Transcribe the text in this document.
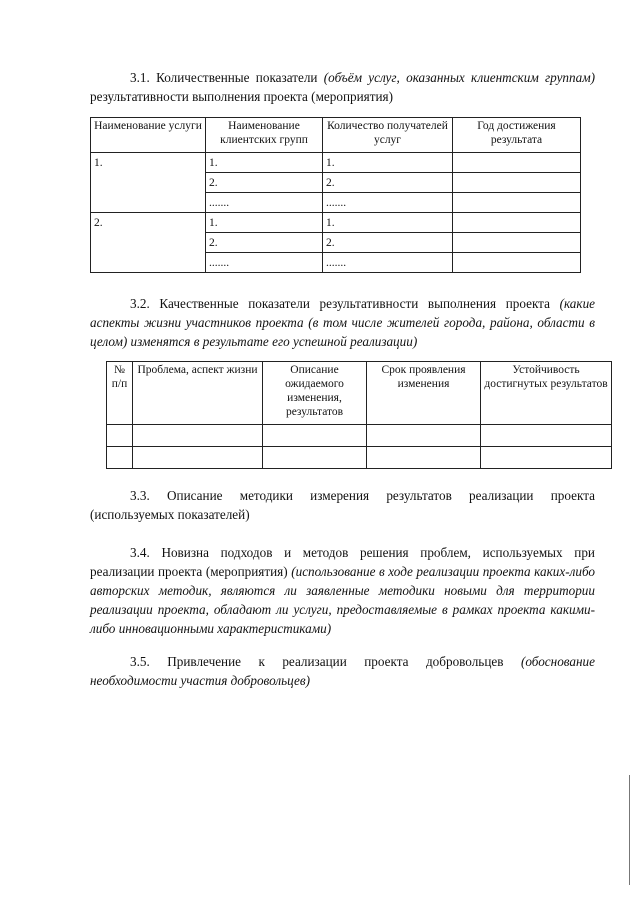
3.1. Количественные показатели (объём услуг, оказанных клиентским группам) результативности выполнения проекта (мероприятия)

Наименование услуги	Наименование клиентских групп	Количество получателей услуг	Год достижения результата
1.	1.	1.	
	2.	2.	
	.......	.......	
2.	1.	1.	
	2.	2.	
	.......	.......	

3.2. Качественные показатели результативности выполнения проекта (какие аспекты жизни участников проекта (в том числе жителей города, района, области в целом) изменятся в результате его успешной реализации)

№ п/п	Проблема, аспект жизни	Описание ожидаемого изменения, результатов	Срок проявления изменения	Устойчивость достигнутых результатов

3.3. Описание методики измерения результатов реализации проекта (используемых показателей)

3.4. Новизна подходов и методов решения проблем, используемых при реализации проекта (мероприятия) (использование в ходе реализации проекта каких-либо авторских методик, являются ли заявленные методики новыми для территории реализации проекта, обладают ли услуги, предоставляемые в рамках проекта какими-либо инновационными характеристиками)

3.5. Привлечение к реализации проекта добровольцев (обоснование необходимости участия добровольцев)
